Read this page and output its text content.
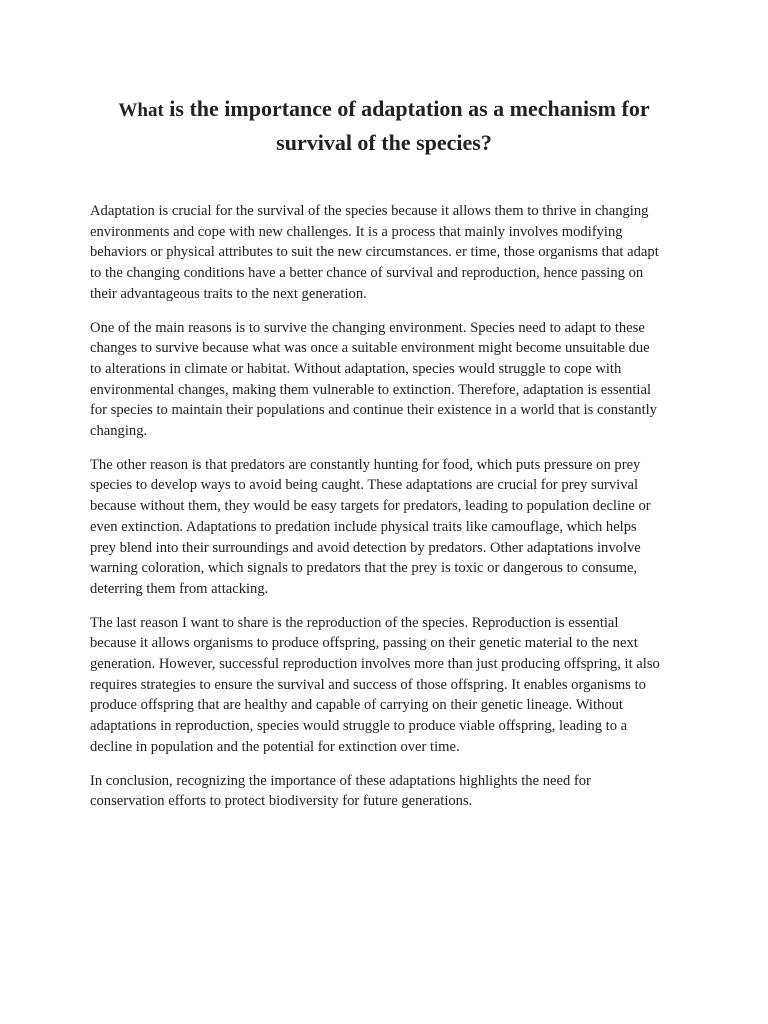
What is the importance of adaptation as a mechanism for
survival of the species?

Adaptation is crucial for the survival of the species because it allows them to thrive in changing
environments and cope with new challenges. It is a process that mainly involves modifying
behaviors or physical attributes to suit the new circumstances. er time, those organisms that adapt
to the changing conditions have a better chance of survival and reproduction, hence passing on
their advantageous traits to the next generation.

One of the main reasons is to survive the changing environment. Species need to adapt to these
changes to survive because what was once a suitable environment might become unsuitable due
to alterations in climate or habitat. Without adaptation, species would struggle to cope with
environmental changes, making them vulnerable to extinction. Therefore, adaptation is essential
for species to maintain their populations and continue their existence in a world that is constantly
changing.

The other reason is that predators are constantly hunting for food, which puts pressure on prey
species to develop ways to avoid being caught. These adaptations are crucial for prey survival
because without them, they would be easy targets for predators, leading to population decline or
even extinction. Adaptations to predation include physical traits like camouflage, which helps
prey blend into their surroundings and avoid detection by predators. Other adaptations involve
warning coloration, which signals to predators that the prey is toxic or dangerous to consume,
deterring them from attacking.

The last reason I want to share is the reproduction of the species. Reproduction is essential
because it allows organisms to produce offspring, passing on their genetic material to the next
generation. However, successful reproduction involves more than just producing offspring, it also
requires strategies to ensure the survival and success of those offspring. It enables organisms to
produce offspring that are healthy and capable of carrying on their genetic lineage. Without
adaptations in reproduction, species would struggle to produce viable offspring, leading to a
decline in population and the potential for extinction over time.

In conclusion, recognizing the importance of these adaptations highlights the need for
conservation efforts to protect biodiversity for future generations.
